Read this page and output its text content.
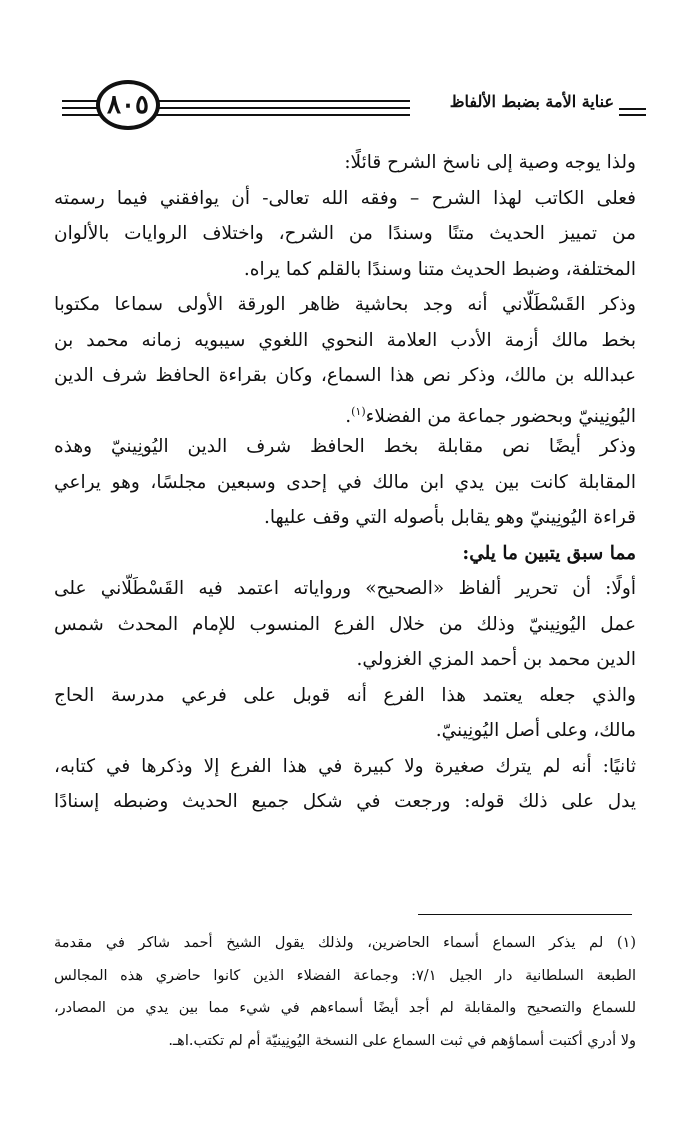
عناية الأمة بضبط الألفاظ
٨٠٥
ولذا يوجه وصية إلى ناسخ الشرح قائلًا:
فعلى الكاتب لهذا الشرح – وفقه الله تعالى- أن يوافقني فيما رسمته
من تمييز الحديث متنًا وسندًا من الشرح، واختلاف الروايات بالألوان
المختلفة، وضبط الحديث متنا وسندًا بالقلم كما يراه.
وذكر القَسْطَلّاني أنه وجد بحاشية ظاهر الورقة الأولى سماعا مكتوبا
بخط مالك أزمة الأدب العلامة النحوي اللغوي سيبويه زمانه محمد بن
عبدالله بن مالك، وذكر نص هذا السماع، وكان بقراءة الحافظ شرف الدين
اليُونِينيّ وبحضور جماعة من الفضلاء$^{(١)}$.
وذكر أيضًا نص مقابلة بخط الحافظ شرف الدين اليُونِينيّ وهذه
المقابلة كانت بين يدي ابن مالك في إحدى وسبعين مجلسًا، وهو يراعي
قراءة اليُونِينيّ وهو يقابل بأصوله التي وقف عليها.
مما سبق يتبين ما يلي:
أولًا: أن تحرير ألفاظ «الصحيح» ورواياته اعتمد فيه القَسْطَلّاني على
عمل اليُونِينيّ وذلك من خلال الفرع المنسوب للإمام المحدث شمس
الدين محمد بن أحمد المزي الغزولي.
والذي جعله يعتمد هذا الفرع أنه قوبل على فرعي مدرسة الحاج
مالك، وعلى أصل اليُونِينيّ.
ثانيًا: أنه لم يترك صغيرة ولا كبيرة في هذا الفرع إلا وذكرها في كتابه،
يدل على ذلك قوله: ورجعت في شكل جميع الحديث وضبطه إسنادًا
(١) لم يذكر السماع أسماء الحاضرين، ولذلك يقول الشيخ أحمد شاكر في مقدمة
الطبعة السلطانية دار الجيل ٧/١: وجماعة الفضلاء الذين كانوا حاضري هذه المجالس
للسماع والتصحيح والمقابلة لم أجد أيضًا أسماءهم في شيء مما بين يدي من المصادر،
ولا أدري أكتبت أسماؤهم في ثبت السماع على النسخة اليُونِينيّة أم لم تكتب.اهـ.
